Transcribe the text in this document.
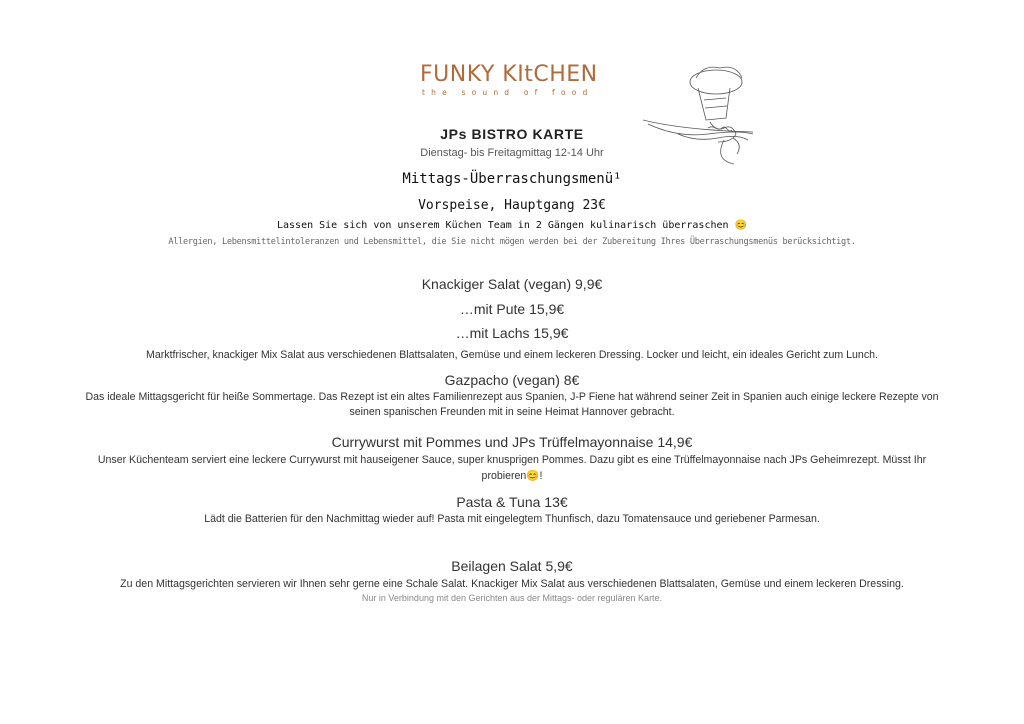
FUNKY KItCHEN
the sound of food
JPs BISTRO KARTE
Dienstag- bis Freitagmittag 12-14 Uhr
Mittags-Überraschungsmenü¹
Vorspeise, Hauptgang 23€
Lassen Sie sich von unserem Küchen Team in 2 Gängen kulinarisch überraschen 😊
Allergien, Lebensmittelintoleranzen und Lebensmittel, die Sie nicht mögen werden bei der Zubereitung Ihres Überraschungsmenüs berücksichtigt.
Knackiger Salat (vegan) 9,9€
…mit Pute 15,9€
…mit Lachs 15,9€
Marktfrischer, knackiger Mix Salat aus verschiedenen Blattsalaten, Gemüse und einem leckeren Dressing. Locker und leicht, ein ideales Gericht zum Lunch.
Gazpacho (vegan) 8€
Das ideale Mittagsgericht für heiße Sommertage. Das Rezept ist ein altes Familienrezept aus Spanien, J-P Fiene hat während seiner Zeit in Spanien auch einige leckere Rezepte von
seinen spanischen Freunden mit in seine Heimat Hannover gebracht.
Currywurst mit Pommes und JPs Trüffelmayonnaise 14,9€
Unser Küchenteam serviert eine leckere Currywurst mit hauseigener Sauce, super knusprigen Pommes. Dazu gibt es eine Trüffelmayonnaise nach JPs Geheimrezept. Müsst Ihr
probieren😊!
Pasta & Tuna 13€
Lädt die Batterien für den Nachmittag wieder auf! Pasta mit eingelegtem Thunfisch, dazu Tomatensauce und geriebener Parmesan.
Beilagen Salat 5,9€
Zu den Mittagsgerichten servieren wir Ihnen sehr gerne eine Schale Salat. Knackiger Mix Salat aus verschiedenen Blattsalaten, Gemüse und einem leckeren Dressing.
Nur in Verbindung mit den Gerichten aus der Mittags- oder regulären Karte.
